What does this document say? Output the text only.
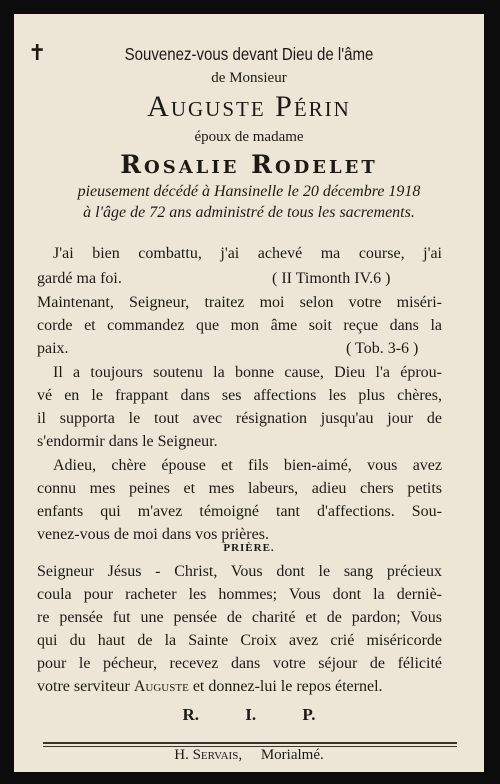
✝	Souvenez-vous devant Dieu de l'âme

de Monsieur

Auguste Périn

époux de madame

Rosalie Rodelet

pieusement décédé à Hansinelle le 20 décembre 1918

à l'âge de 72 ans administré de tous les sacrements.

J'ai bien combattu, j'ai achevé ma course, j'ai

gardé ma foi.	( II Timonth IV.6 )

Maintenant, Seigneur, traitez moi selon votre miséri-

corde et commandez que mon âme soit reçue dans la

paix.	( Tob. 3-6 )

Il a toujours soutenu la bonne cause, Dieu l'a éprou-

vé en le frappant dans ses affections les plus chères,

il supporta le tout avec résignation jusqu'au jour de

s'endormir dans le Seigneur.

Adieu, chère épouse et fils bien-aimé, vous avez

connu mes peines et mes labeurs, adieu chers petits

enfants qui m'avez témoigné tant d'affections. Sou-

venez-vous de moi dans vos prières.

PRIÈRE.

Seigneur Jésus - Christ, Vous dont le sang précieux

coula pour racheter les hommes; Vous dont la derniè-

re pensée fut une pensée de charité et de pardon; Vous

qui du haut de la Sainte Croix avez crié miséricorde

pour le pécheur, recevez dans votre séjour de félicité

votre serviteur Auguste et donnez-lui le repos éternel.

R. I. P.

H. Servais, Morialmé.
